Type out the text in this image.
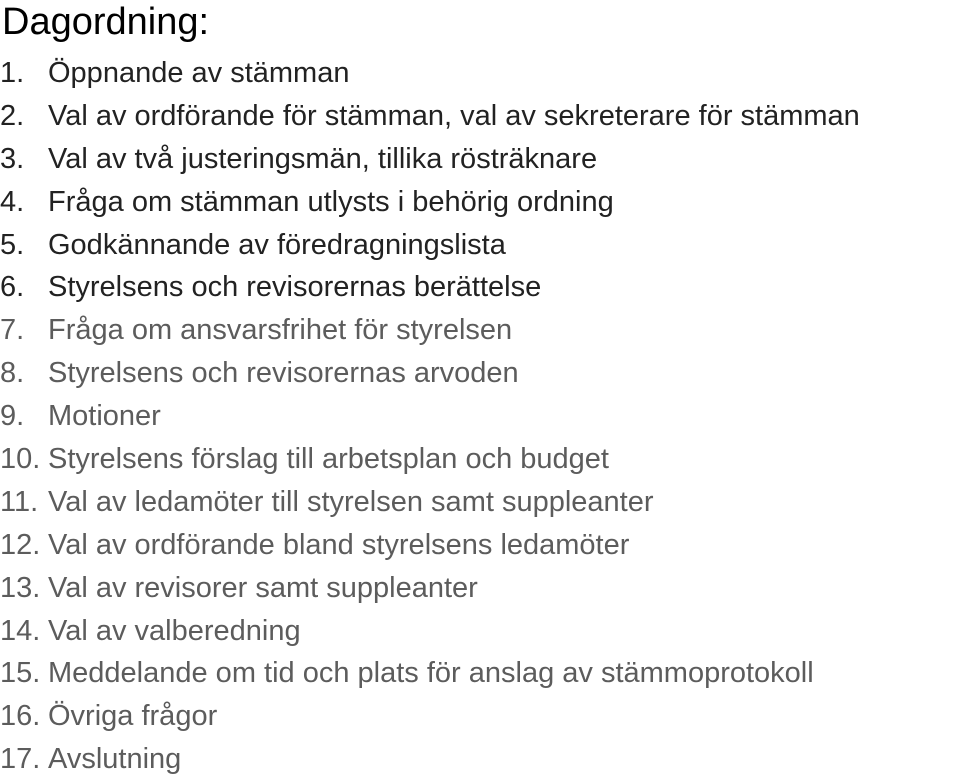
Dagordning:
1. Öppnande av stämman
2. Val av ordförande för stämman, val av sekreterare för stämman
3. Val av två justeringsmän, tillika rösträknare
4. Fråga om stämman utlysts i behörig ordning
5. Godkännande av föredragningslista
6. Styrelsens och revisorernas berättelse
7. Fråga om ansvarsfrihet för styrelsen
8. Styrelsens och revisorernas arvoden
9. Motioner
10. Styrelsens förslag till arbetsplan och budget
11. Val av ledamöter till styrelsen samt suppleanter
12. Val av ordförande bland styrelsens ledamöter
13. Val av revisorer samt suppleanter
14. Val av valberedning
15. Meddelande om tid och plats för anslag av stämmoprotokoll
16. Övriga frågor
17. Avslutning
